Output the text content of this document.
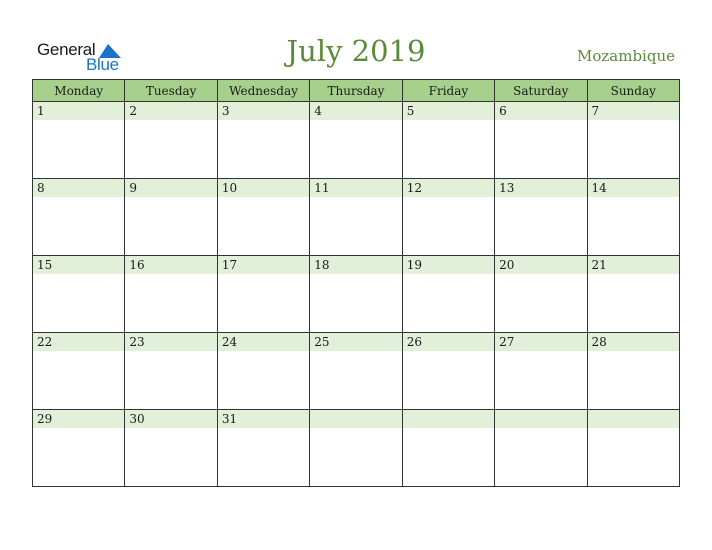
General
Blue	July 2019	Mozambique
Monday	Tuesday	Wednesday	Thursday	Friday	Saturday	Sunday

1	2	3	4	5	6	7

8	9	10	11	12	13	14

15	16	17	18	19	20	21

22	23	24	25	26	27	28

29	30	31				
